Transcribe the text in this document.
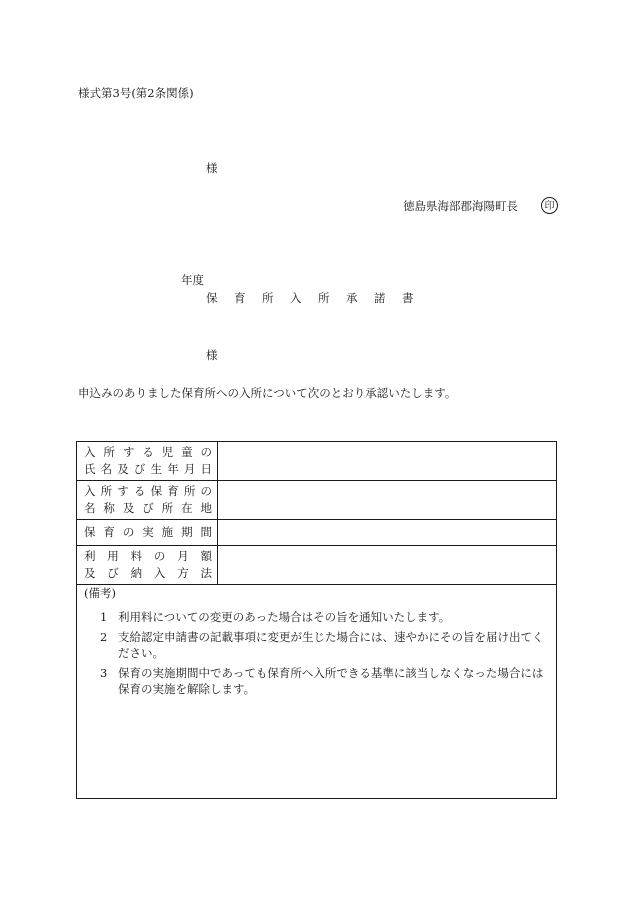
様式第3号(第2条関係)
様
徳島県海部郡海陽町長	印
年度
保育所入所承諾書
様
申込みのありました保育所への入所について次のとおり承認いたします。
入所する児童の
氏名及び生年月日	

入所する保育所の
名称及び所在地	

保育の実施期間	

利用料の月額
及び納入方法	

(備考)
1 利用料についての変更のあった場合はその旨を通知いたします。
2 支給認定申請書の記載事項に変更が生じた場合には、速やかにその旨を届け出てください。
3 保育の実施期間中であっても保育所へ入所できる基準に該当しなくなった場合には保育の実施を解除します。
